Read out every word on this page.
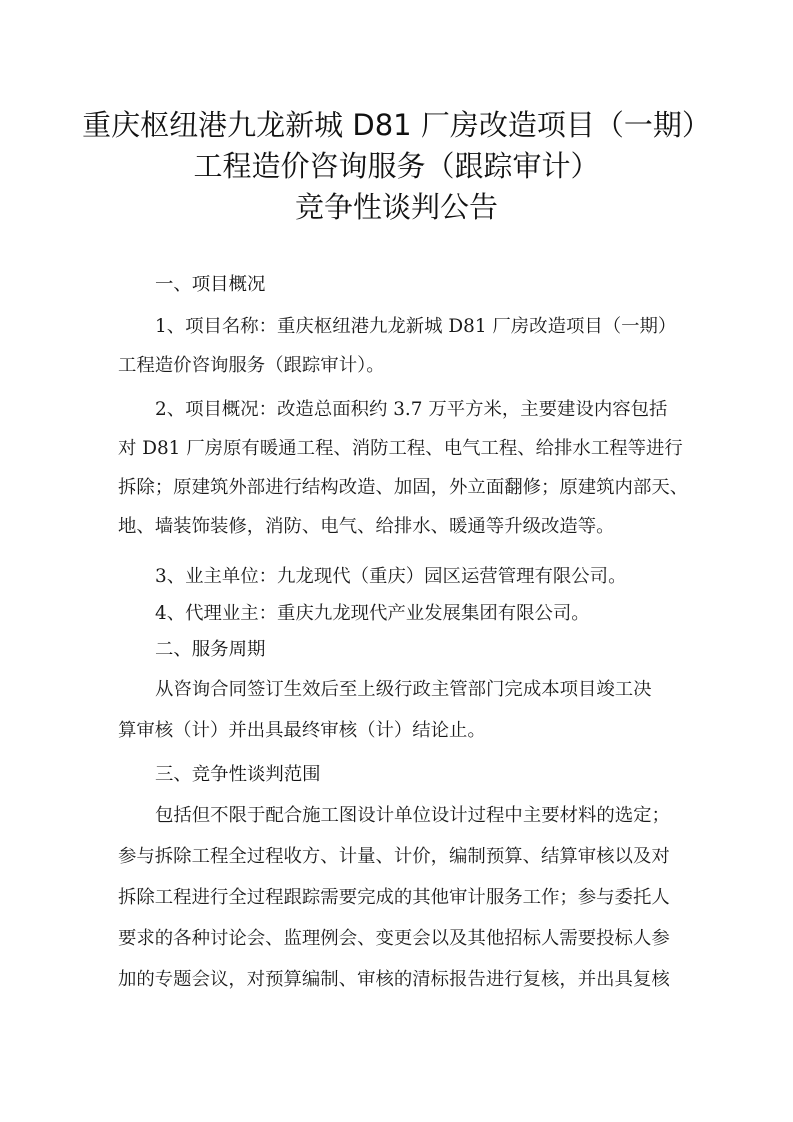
重庆枢纽港九龙新城 D81 厂房改造项目（一期）
工程造价咨询服务（跟踪审计）
竞争性谈判公告
一、项目概况
1、项目名称：重庆枢纽港九龙新城 D81 厂房改造项目（一期）
工程造价咨询服务（跟踪审计）。
2、项目概况：改造总面积约 3.7 万平方米，主要建设内容包括
对 D81 厂房原有暖通工程、消防工程、电气工程、给排水工程等进行
拆除；原建筑外部进行结构改造、加固，外立面翻修；原建筑内部天、
地、墙装饰装修，消防、电气、给排水、暖通等升级改造等。
3、业主单位：九龙现代（重庆）园区运营管理有限公司。
4、代理业主：重庆九龙现代产业发展集团有限公司。
二、服务周期
从咨询合同签订生效后至上级行政主管部门完成本项目竣工决
算审核（计）并出具最终审核（计）结论止。
三、竞争性谈判范围
包括但不限于配合施工图设计单位设计过程中主要材料的选定；
参与拆除工程全过程收方、计量、计价，编制预算、结算审核以及对
拆除工程进行全过程跟踪需要完成的其他审计服务工作；参与委托人
要求的各种讨论会、监理例会、变更会以及其他招标人需要投标人参
加的专题会议，对预算编制、审核的清标报告进行复核，并出具复核
